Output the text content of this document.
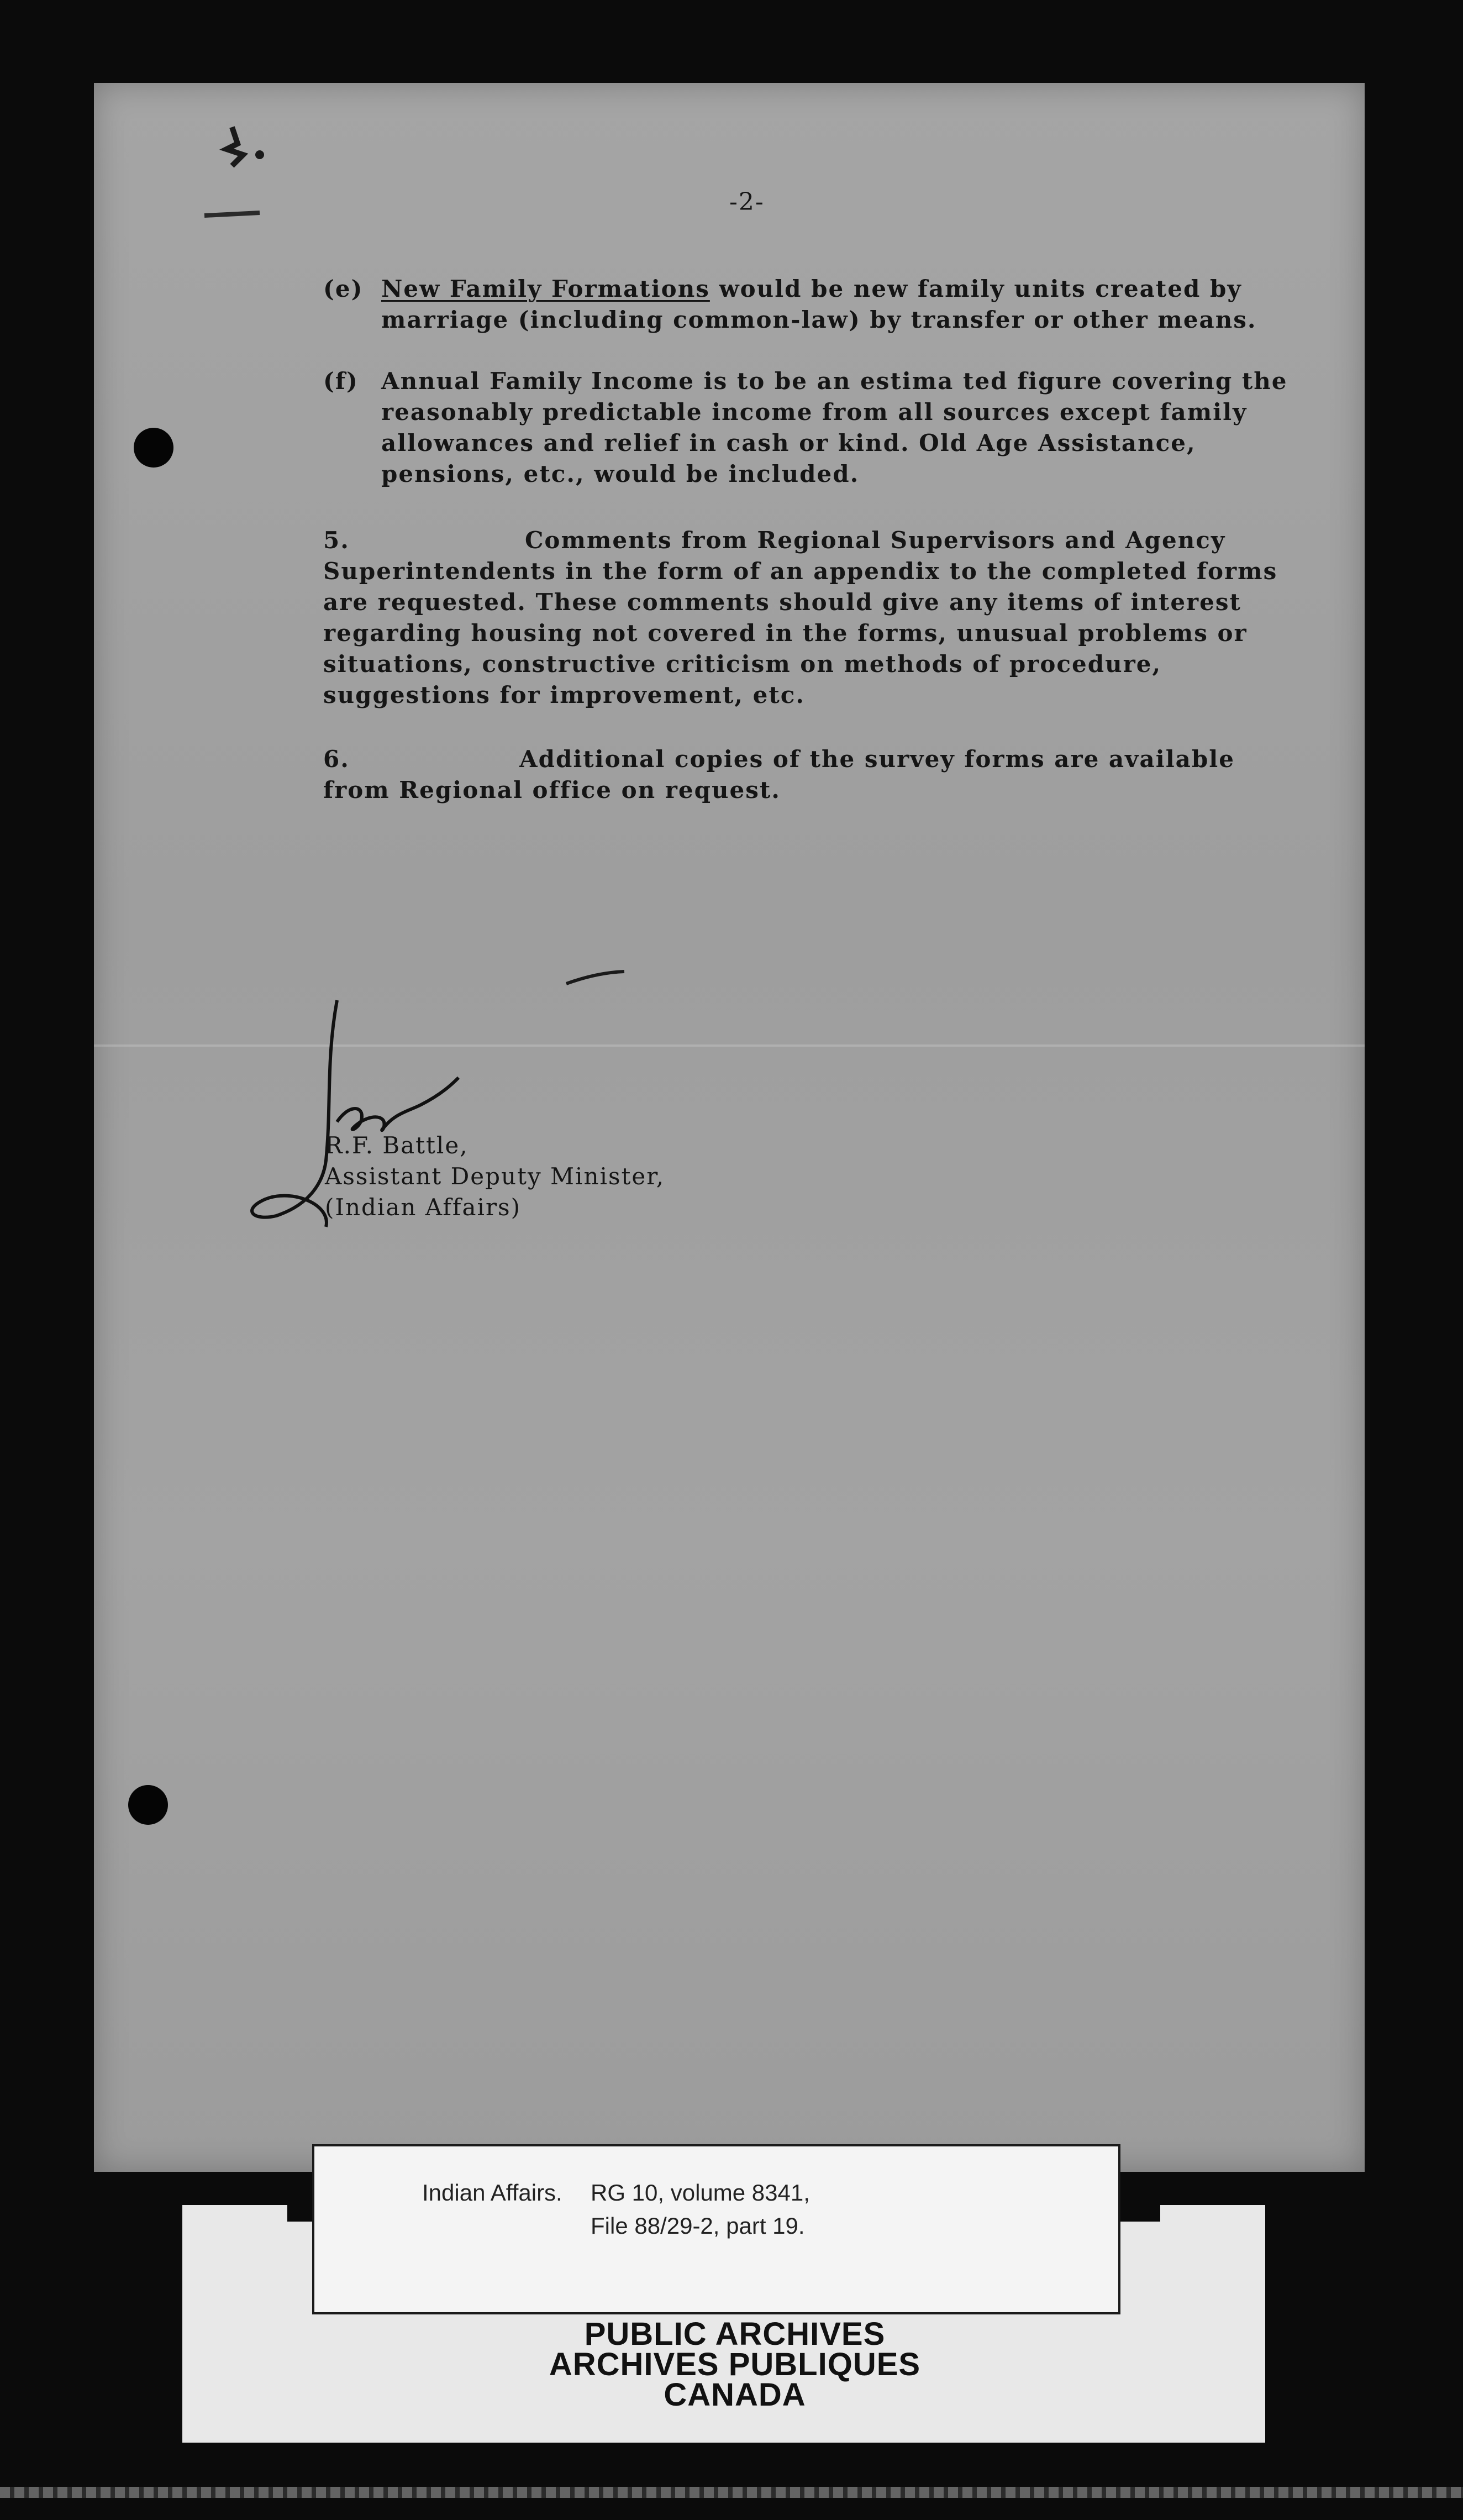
-2-
(e) New Family Formations would be new family units created by
marriage (including common-law) by transfer or other means.
(f) Annual Family Income is to be an estima ted figure covering the
reasonably predictable income from all sources except family
allowances and relief in cash or kind. Old Age Assistance,
pensions, etc., would be included.
5.	Comments from Regional Supervisors and Agency
Superintendents in the form of an appendix to the completed forms
are requested. These comments should give any items of interest
regarding housing not covered in the forms, unusual problems or
situations, constructive criticism on methods of procedure,
suggestions for improvement, etc.
6.	Additional copies of the survey forms are available
from Regional office on request.
R.F. Battle,
Assistant Deputy Minister,
(Indian Affairs)
Indian Affairs. RG 10, volume 8341,
File 88/29-2, part 19.
PUBLIC ARCHIVES
ARCHIVES PUBLIQUES
CANADA
